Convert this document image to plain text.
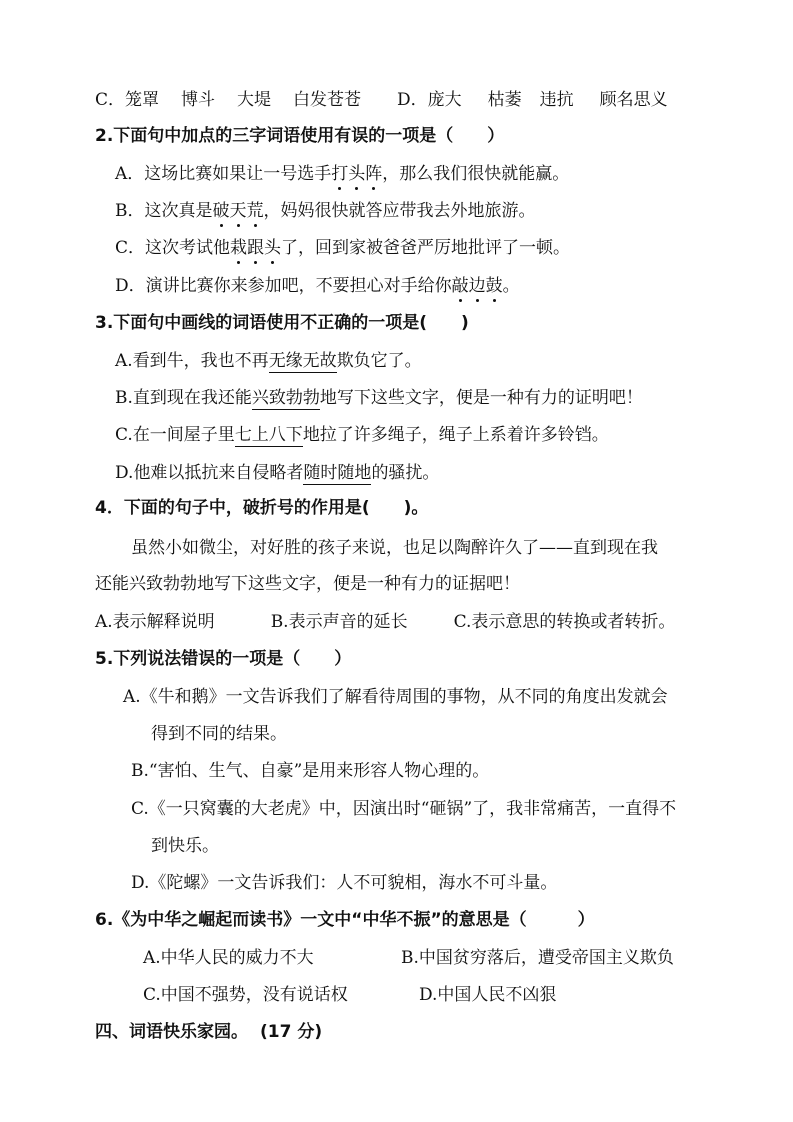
C．笼罩 博斗 大堤 白发苍苍 D．庞大 枯萎 违抗 顾名思义
2.下面句中加点的三字词语使用有误的一项是（　　）
A．这场比赛如果让一号选手打头阵，那么我们很快就能赢。
B．这次真是破天荒，妈妈很快就答应带我去外地旅游。
C．这次考试他栽跟头了，回到家被爸爸严厉地批评了一顿。
D．演讲比赛你来参加吧，不要担心对手给你敲边鼓。
3.下面句中画线的词语使用不正确的一项是(　　)
A.看到牛，我也不再无缘无故欺负它了。
B.直到现在我还能兴致勃勃地写下这些文字，便是一种有力的证明吧！
C.在一间屋子里七上八下地拉了许多绳子，绳子上系着许多铃铛。
D.他难以抵抗来自侵略者随时随地的骚扰。
4．下面的句子中，破折号的作用是(　　)。
虽然小如微尘，对好胜的孩子来说，也足以陶醉许久了——直到现在我
还能兴致勃勃地写下这些文字，便是一种有力的证据吧！
A.表示解释说明	B.表示声音的延长	C.表示意思的转换或者转折。
5.下列说法错误的一项是（　　）
A.《牛和鹅》一文告诉我们了解看待周围的事物，从不同的角度出发就会
得到不同的结果。
B.“害怕、生气、自豪”是用来形容人物心理的。
C.《一只窝囊的大老虎》中，因演出时“砸锅”了，我非常痛苦，一直得不
到快乐。
D.《陀螺》一文告诉我们：人不可貌相，海水不可斗量。
6.《为中华之崛起而读书》一文中“中华不振”的意思是（　　　）
A.中华人民的威力不大	B.中国贫穷落后，遭受帝国主义欺负
C.中国不强势，没有说话权	D.中国人民不凶狠
四、词语快乐家园。 (17 分)
